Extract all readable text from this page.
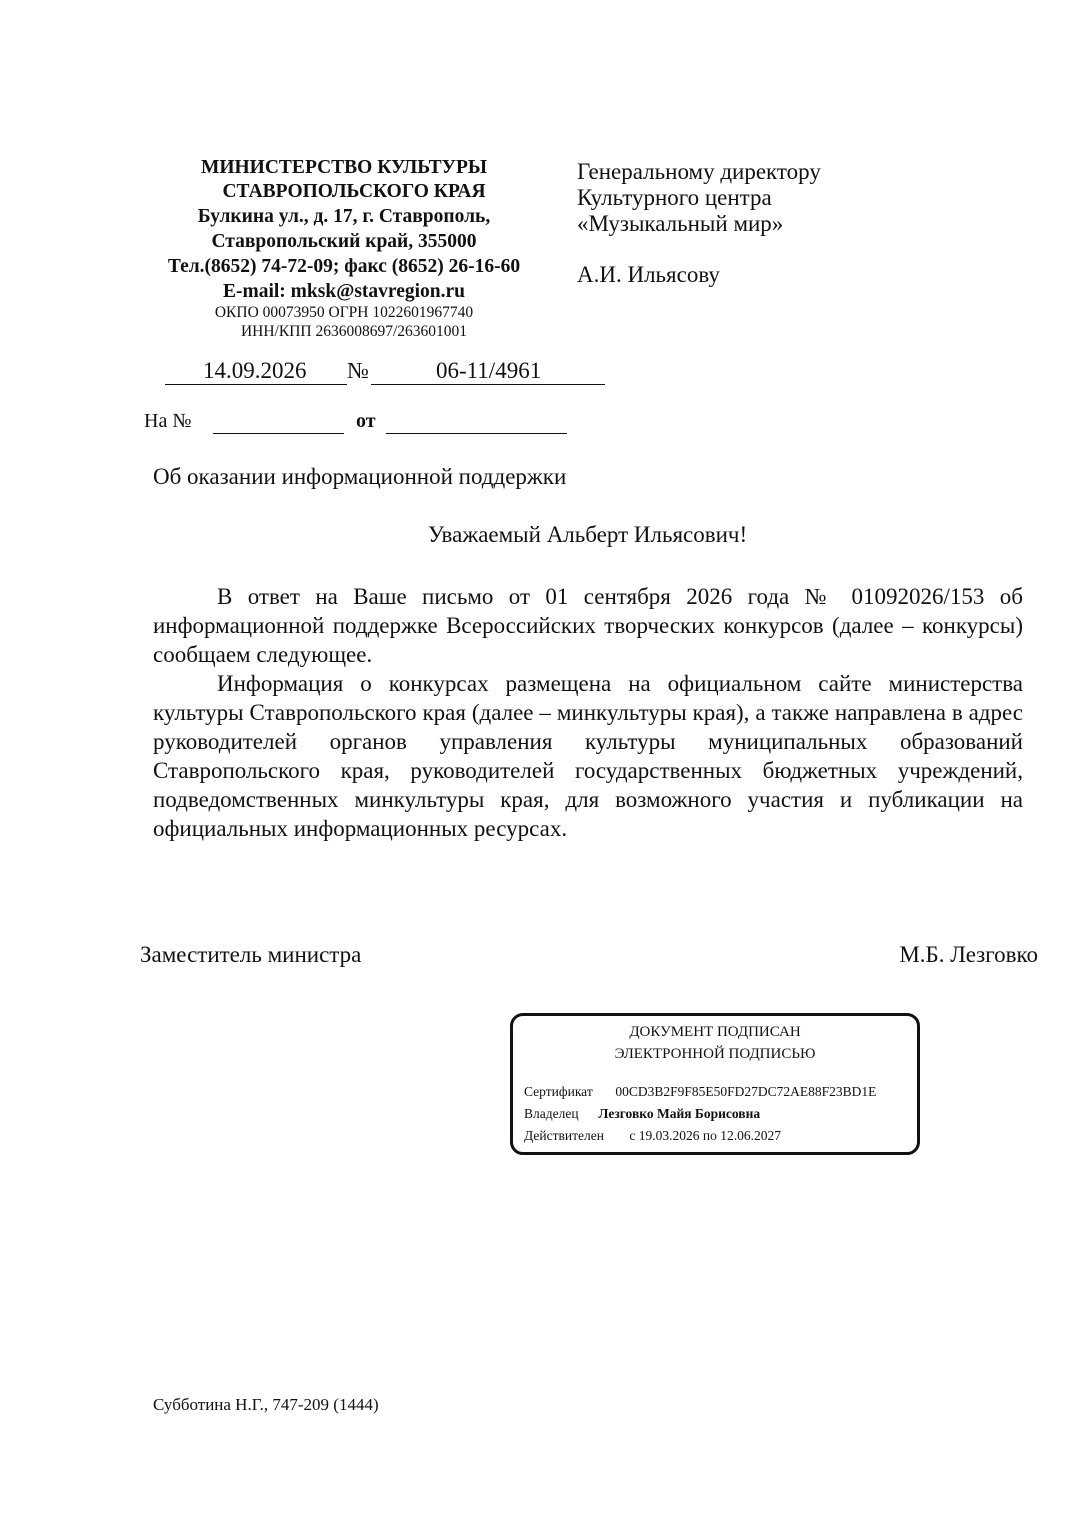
МИНИСТЕРСТВО КУЛЬТУРЫ
СТАВРОПОЛЬСКОГО КРАЯ
Булкина ул., д. 17, г. Ставрополь,
Ставропольский край, 355000
Тел.(8652) 74-72-09; факс (8652) 26-16-60
E-mail: mksk@stavregion.ru
ОКПО 00073950 ОГРН 1022601967740
ИНН/КПП 2636008697/263601001
Генеральному директору
Культурного центра
«Музыкальный мир»
А.И. Ильясову
14.09.2026 №	06-11/4961
На №	от
Об оказании информационной поддержки
Уважаемый Альберт Ильясович!

В ответ на Ваше письмо от 01 сентября 2026 года № 01092026/153 об информационной поддержке Всероссийских творческих конкурсов (далее – конкурсы) сообщаем следующее.

Информация о конкурсах размещена на официальном сайте министерства культуры Ставропольского края (далее – минкультуры края), а также направлена в адрес руководителей органов управления культуры муниципальных образований Ставропольского края, руководителей государственных бюджетных учреждений, подведомственных минкультуры края, для возможного участия и публикации на официальных информационных ресурсах.

Заместитель министра	М.Б. Лезговко
ДОКУМЕНТ ПОДПИСАН
ЭЛЕКТРОННОЙ ПОДПИСЬЮ
Сертификат 00CD3B2F9F85E50FD27DC72AE88F23BD1E
Владелец Лезговко Майя Борисовна
Действителен с 19.03.2026 по 12.06.2027
Субботина Н.Г., 747-209 (1444)
